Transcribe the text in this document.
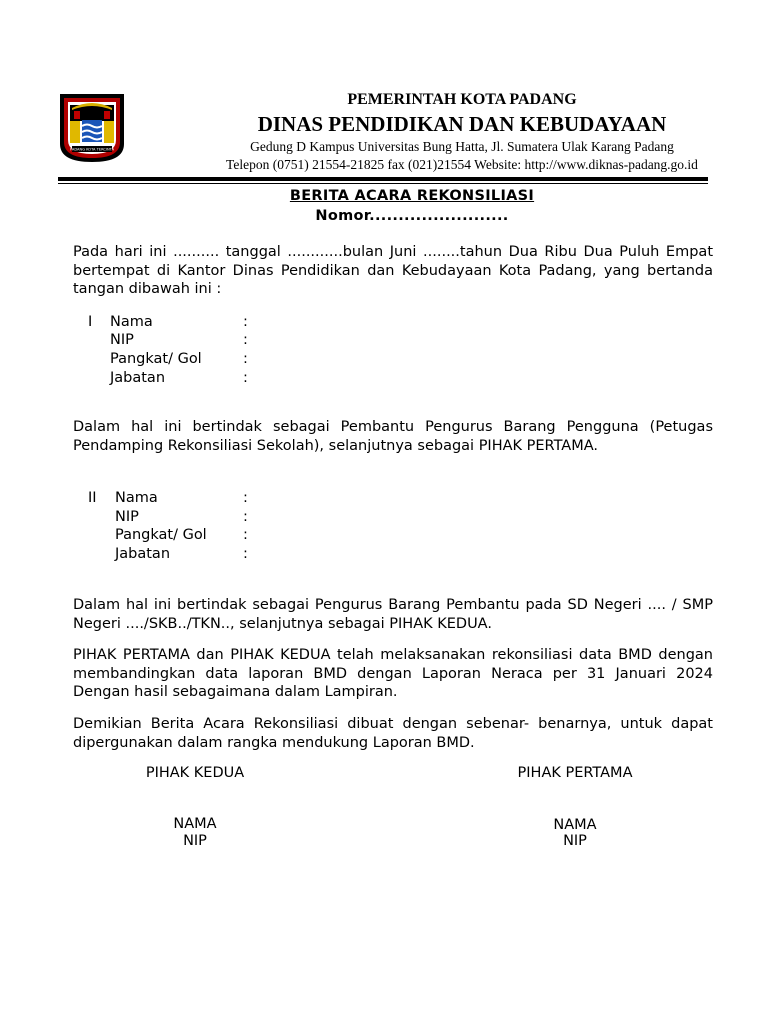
PADANG KOTA TERCINTA
PEMERINTAH KOTA PADANG
DINAS PENDIDIKAN DAN KEBUDAYAAN
Gedung D Kampus Universitas Bung Hatta, Jl. Sumatera Ulak Karang Padang
Telepon (0751) 21554-21825 fax (021)21554 Website: http://www.diknas-padang.go.id
BERITA ACARA REKONSILIASI
Nomor........................
Pada hari ini .......... tanggal ............bulan Juni ........tahun Dua Ribu Dua Puluh Empat bertempat di Kantor Dinas Pendidikan dan Kebudayaan Kota Padang, yang bertanda tangan dibawah ini :
I Nama
NIP
Pangkat/ Gol
Jabatan
:
:
:
:
Dalam hal ini bertindak sebagai Pembantu Pengurus Barang Pengguna (Petugas Pendamping Rekonsiliasi Sekolah), selanjutnya sebagai PIHAK PERTAMA.
II Nama
NIP
Pangkat/ Gol
Jabatan
:
:
:
:
Dalam hal ini bertindak sebagai Pengurus Barang Pembantu pada SD Negeri .... / SMP Negeri ..../SKB../TKN.., selanjutnya sebagai PIHAK KEDUA.
PIHAK PERTAMA dan PIHAK KEDUA telah melaksanakan rekonsiliasi data BMD dengan membandingkan data laporan BMD dengan Laporan Neraca per 31 Januari 2024 Dengan hasil sebagaimana dalam Lampiran.
Demikian Berita Acara Rekonsiliasi dibuat dengan sebenar- benarnya, untuk dapat dipergunakan dalam rangka mendukung Laporan BMD.
PIHAK KEDUA	PIHAK PERTAMA
NAMA
NIP
NAMA
NIP
